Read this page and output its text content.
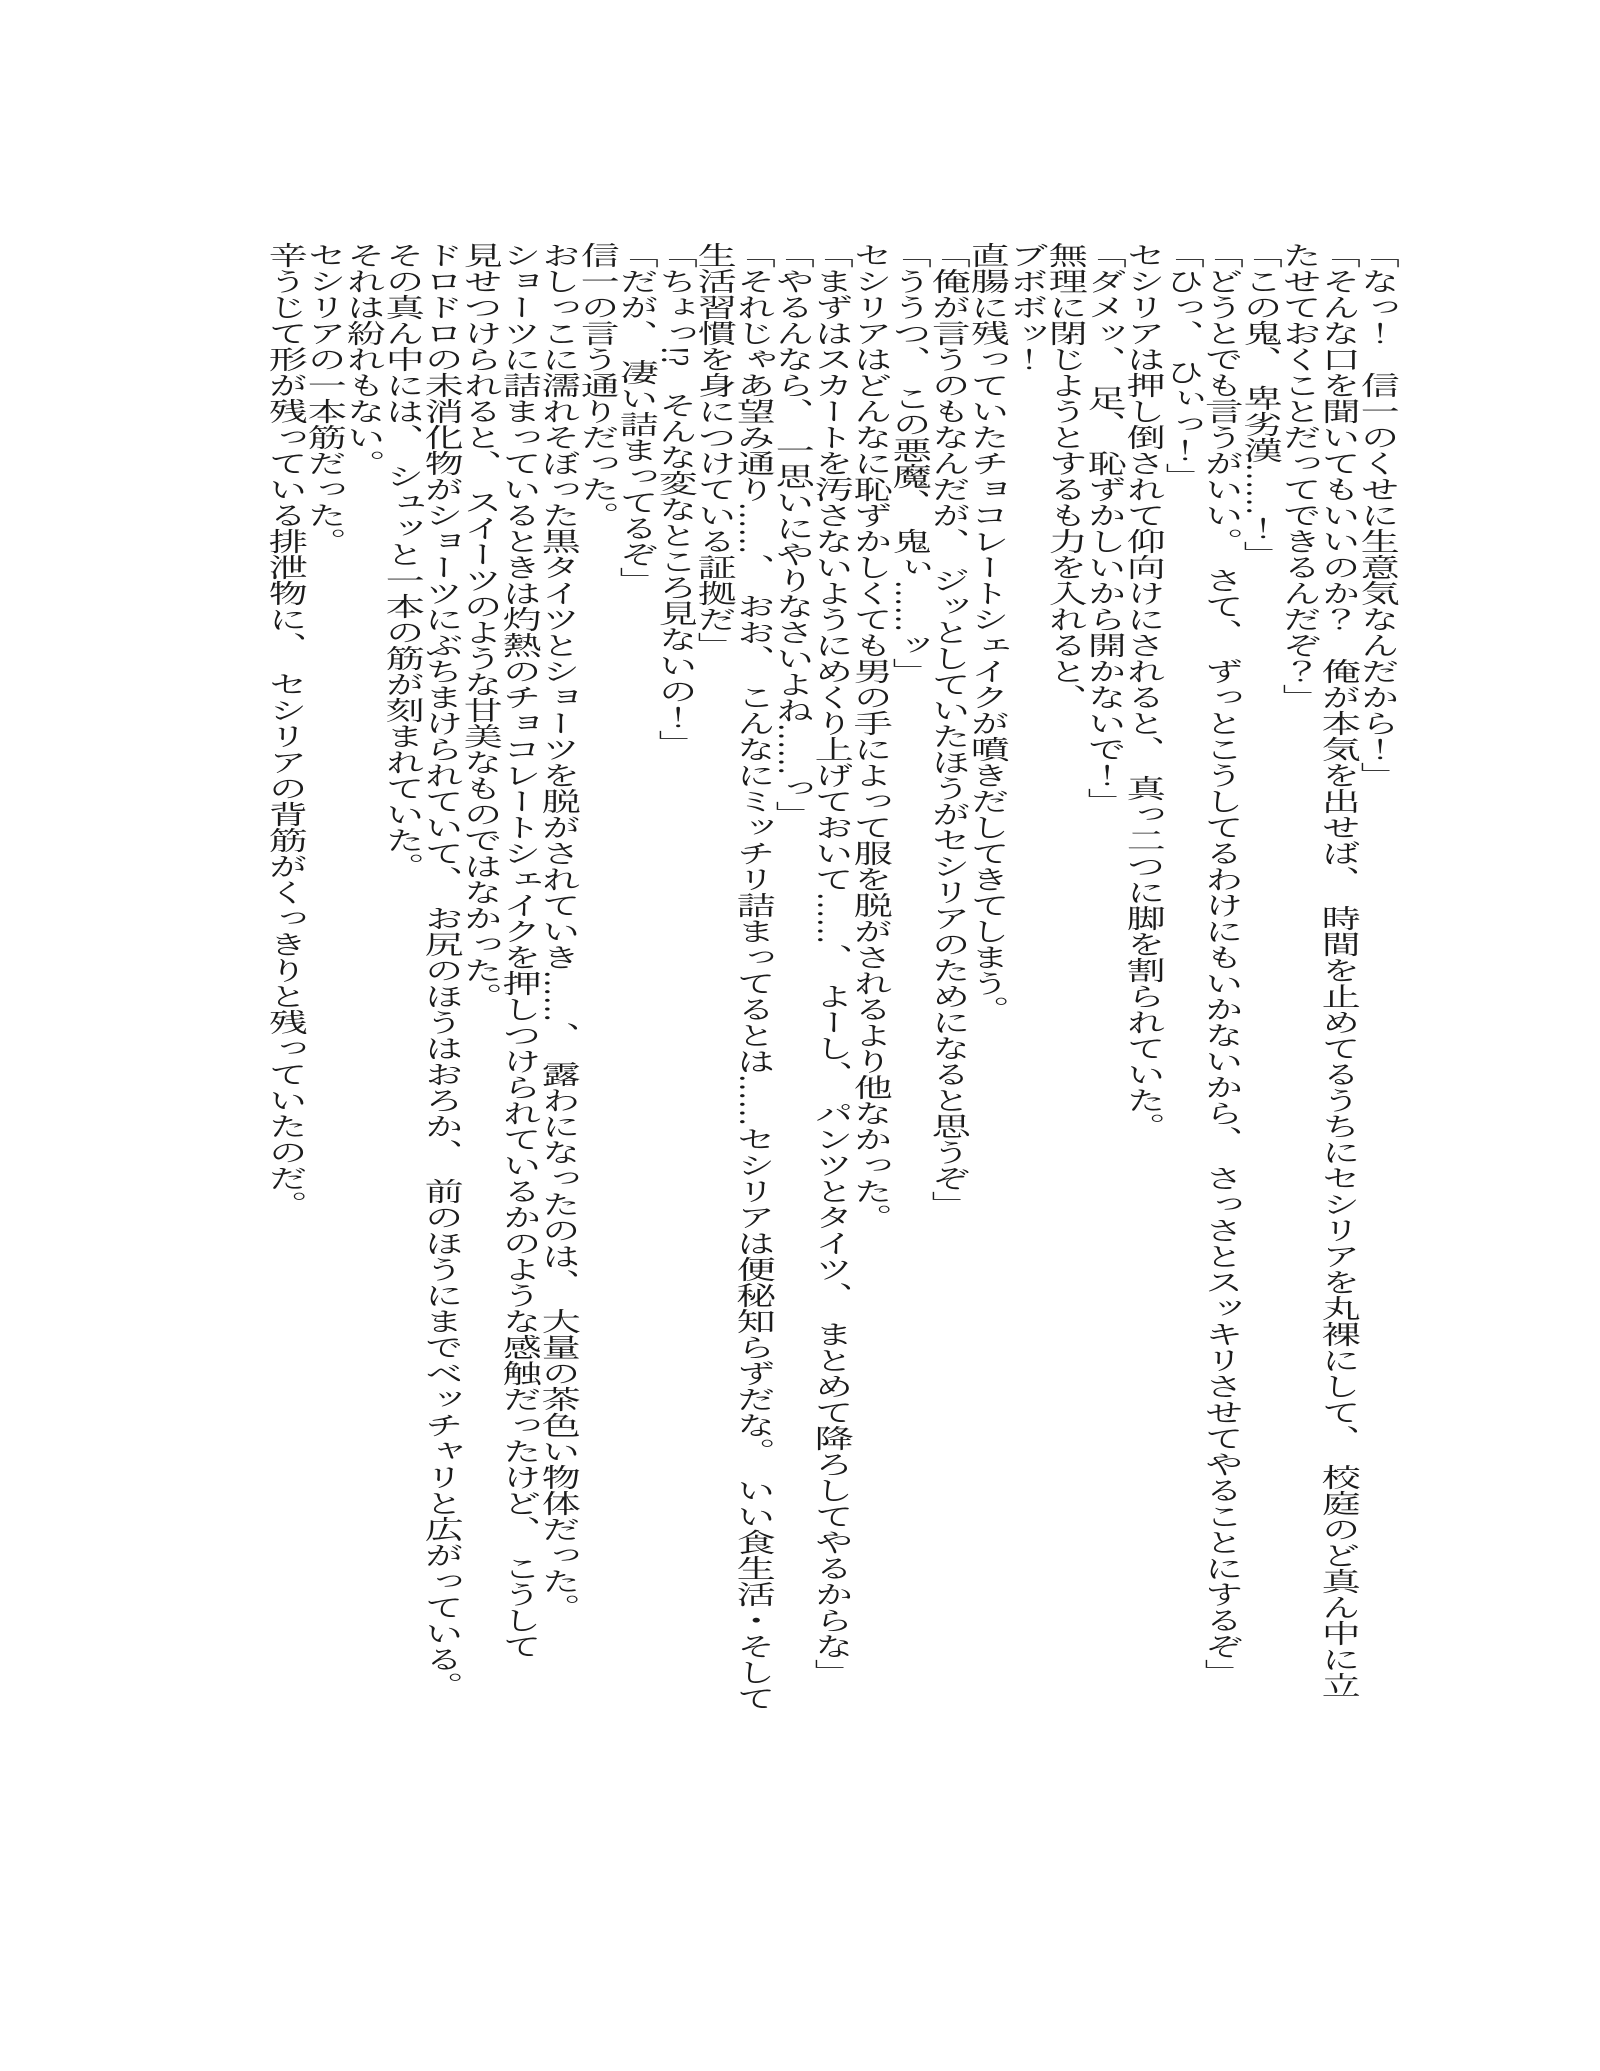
「なっ！　信一のくせに生意気なんだから！」

「そんな口を聞いてもいいのか？　俺が本気を出せば、　時間を止めてるうちにセシリアを丸裸にして、　校庭のど真ん中に立

たせておくことだってできるんだぞ？」

「この鬼、　卑劣漢……！」

「どうとでも言うがいい。　さて、　ずっとこうしてるわけにもいかないから、　さっさとスッキリさせてやることにするぞ」

「ひっ、　ひぃっ！」

セシリアは押し倒されて仰向けにされると、　真っ二つに脚を割られていた。

「ダメッ、　足、　恥ずかしいから開かないで！」

無理に閉じようとするも力を入れると、

ブボボッ！

直腸に残っていたチョコレートシェイクが噴きだしてきてしまう。

「俺が言うのもなんだが、　ジッとしていたほうがセシリアのためになると思うぞ」

「ううつ、　この悪魔、　鬼ぃ……ッ」

セシリアはどんなに恥ずかしくても男の手によって服を脱がされるより他なかった。

「まずはスカートを汚さないようにめくり上げておいて……、　よーし、　パンツとタイツ、　まとめて降ろしてやるからな」

「やるんなら、　一思いにやりなさいよね……っ」

「それじゃあ望み通り……、　おお、　こんなにミッチリ詰まってるとは……セシリアは便秘知らずだな。　いい食生活・そして

生活習慣を身につけている証拠だ」

「ちょっ!?　そんな変なところ見ないの！」

「だが、　凄い詰まってるぞ」

信一の言う通りだった。

おしっこに濡れそぼった黒タイツとショーツを脱がされていき……、　露わになったのは、　大量の茶色い物体だった。

ショーツに詰まっているときは灼熱のチョコレートシェイクを押しつけられているかのような感触だったけど、　こうして

見せつけられると、　スイーツのような甘美なものではなかった。

ドロドロの未消化物がショーツにぶちまけられていて、　お尻のほうはおろか、　前のほうにまでベッチャリと広がっている。

その真ん中には、　シュッと一本の筋が刻まれていた。

それは紛れもない。

セシリアの一本筋だった。

辛うじて形が残っている排泄物に、　セシリアの背筋がくっきりと残っていたのだ。
